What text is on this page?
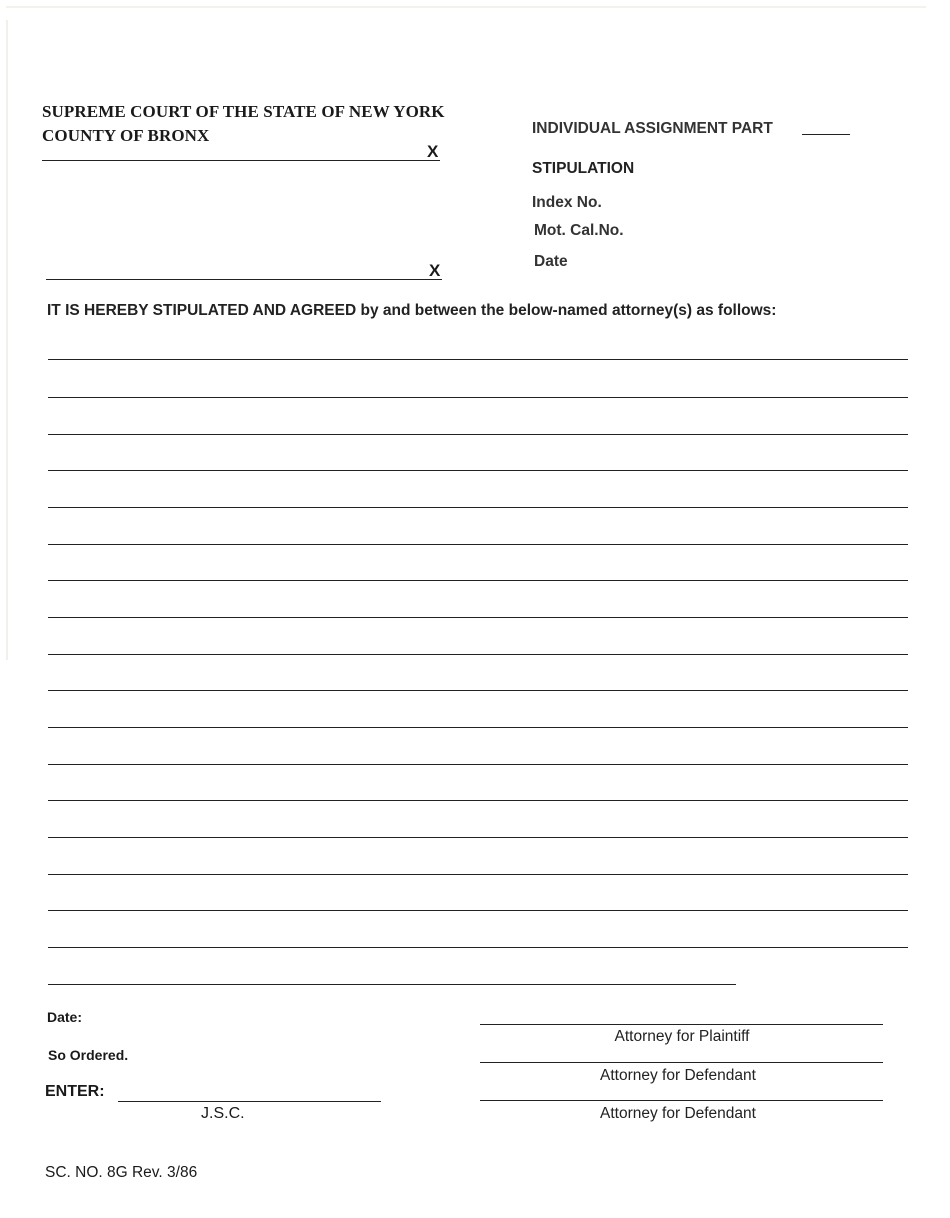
SUPREME COURT OF THE STATE OF NEW YORK
COUNTY OF BRONX
X
X
INDIVIDUAL ASSIGNMENT PART
STIPULATION
Index No.
Mot. Cal.No.
Date
IT IS HEREBY STIPULATED AND AGREED by and between the below-named attorney(s) as follows:
Date:
So Ordered.
ENTER:
J.S.C.
Attorney for Plaintiff
Attorney for Defendant
Attorney for Defendant
SC. NO. 8G Rev. 3/86
